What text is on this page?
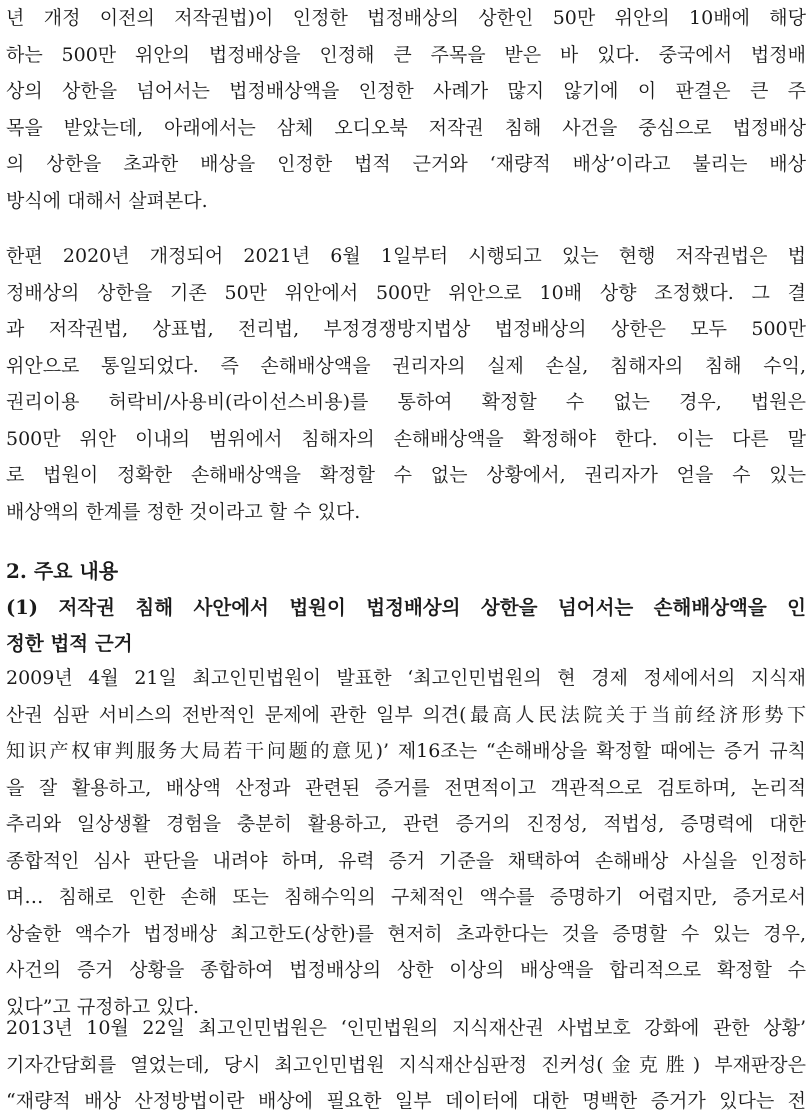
년 개정 이전의 저작권법)이 인정한 법정배상의 상한인 50만 위안의 10배에 해당
하는 500만 위안의 법정배상을 인정해 큰 주목을 받은 바 있다. 중국에서 법정배
상의 상한을 넘어서는 법정배상액을 인정한 사례가 많지 않기에 이 판결은 큰 주
목을 받았는데, 아래에서는 삼체 오디오북 저작권 침해 사건을 중심으로 법정배상
의 상한을 초과한 배상을 인정한 법적 근거와 ‘재량적 배상’이라고 불리는 배상
방식에 대해서 살펴본다.
한편 2020년 개정되어 2021년 6월 1일부터 시행되고 있는 현행 저작권법은 법
정배상의 상한을 기존 50만 위안에서 500만 위안으로 10배 상향 조정했다. 그 결
과 저작권법, 상표법, 전리법, 부정경쟁방지법상 법정배상의 상한은 모두 500만
위안으로 통일되었다. 즉 손해배상액을 권리자의 실제 손실, 침해자의 침해 수익,
권리이용 허락비/사용비(라이선스비용)를 통하여 확정할 수 없는 경우, 법원은
500만 위안 이내의 범위에서 침해자의 손해배상액을 확정해야 한다. 이는 다른 말
로 법원이 정확한 손해배상액을 확정할 수 없는 상황에서, 권리자가 얻을 수 있는
배상액의 한계를 정한 것이라고 할 수 있다.
2. 주요 내용
(1) 저작권 침해 사안에서 법원이 법정배상의 상한을 넘어서는 손해배상액을 인
정한 법적 근거
2009년 4월 21일 최고인민법원이 발표한 ‘최고인민법원의 현 경제 정세에서의 지식재
산권 심판 서비스의 전반적인 문제에 관한 일부 의견(最高人民法院关于当前经济形势下
知识产权审判服务大局若干问题的意见)’ 제16조는 “손해배상을 확정할 때에는 증거 규칙
을 잘 활용하고, 배상액 산정과 관련된 증거를 전면적이고 객관적으로 검토하며, 논리적
추리와 일상생활 경험을 충분히 활용하고, 관련 증거의 진정성, 적법성, 증명력에 대한
종합적인 심사 판단을 내려야 하며, 유력 증거 기준을 채택하여 손해배상 사실을 인정하
며… 침해로 인한 손해 또는 침해수익의 구체적인 액수를 증명하기 어렵지만, 증거로서
상술한 액수가 법정배상 최고한도(상한)를 현저히 초과한다는 것을 증명할 수 있는 경우,
사건의 증거 상황을 종합하여 법정배상의 상한 이상의 배상액을 합리적으로 확정할 수
있다”고 규정하고 있다.
2013년 10월 22일 최고인민법원은 ‘인민법원의 지식재산권 사법보호 강화에 관한 상황’
기자간담회를 열었는데, 당시 최고인민법원 지식재산심판정 진커성(金克胜) 부재판장은
“재량적 배상 산정방법이란 배상에 필요한 일부 데이터에 대한 명백한 증거가 있다는 전
